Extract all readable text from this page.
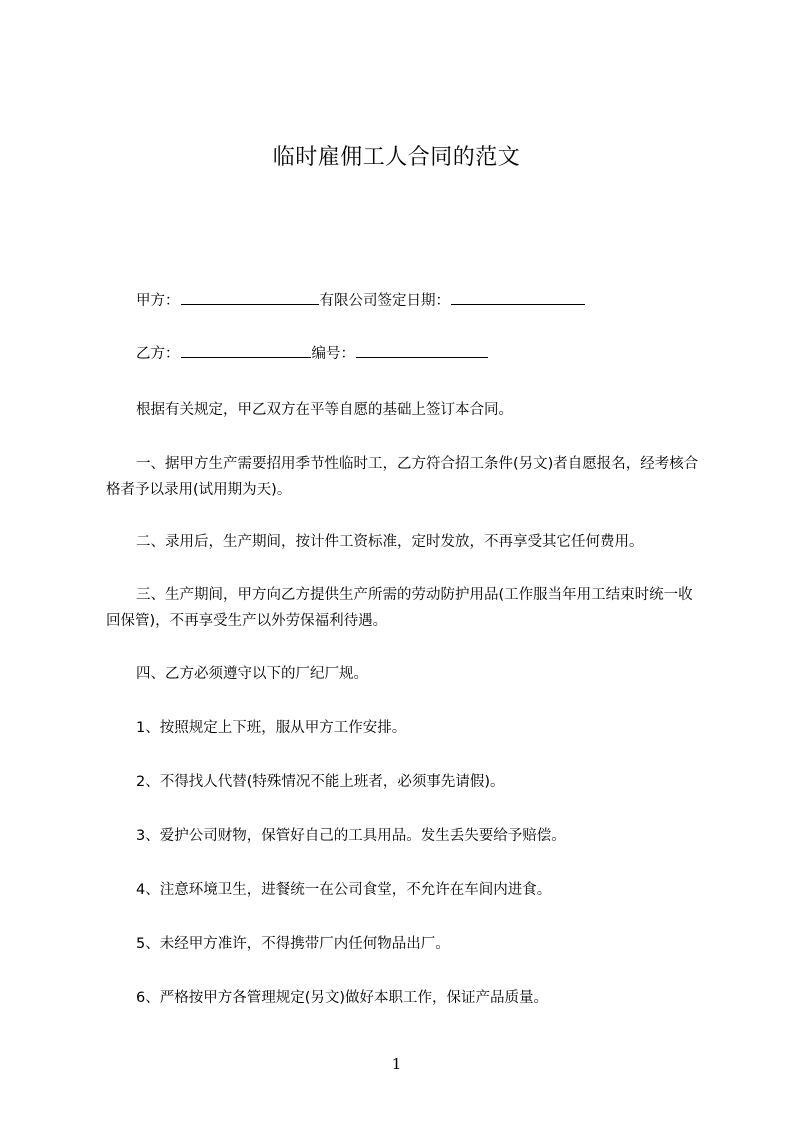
临时雇佣工人合同的范文
甲方：	有限公司签定日期：
乙方：	编号：
根据有关规定，甲乙双方在平等自愿的基础上签订本合同。
一、据甲方生产需要招用季节性临时工，乙方符合招工条件(另文)者自愿报名，经考核合格者予以录用(试用期为天)。
二、录用后，生产期间，按计件工资标准，定时发放，不再享受其它任何费用。
三、生产期间，甲方向乙方提供生产所需的劳动防护用品(工作服当年用工结束时统一收回保管)，不再享受生产以外劳保福利待遇。
四、乙方必须遵守以下的厂纪厂规。
1、按照规定上下班，服从甲方工作安排。
2、不得找人代替(特殊情况不能上班者，必须事先请假)。
3、爱护公司财物，保管好自己的工具用品。发生丢失要给予赔偿。
4、注意环境卫生，进餐统一在公司食堂，不允许在车间内进食。
5、未经甲方准许，不得携带厂内任何物品出厂。
6、严格按甲方各管理规定(另文)做好本职工作，保证产品质量。
1
